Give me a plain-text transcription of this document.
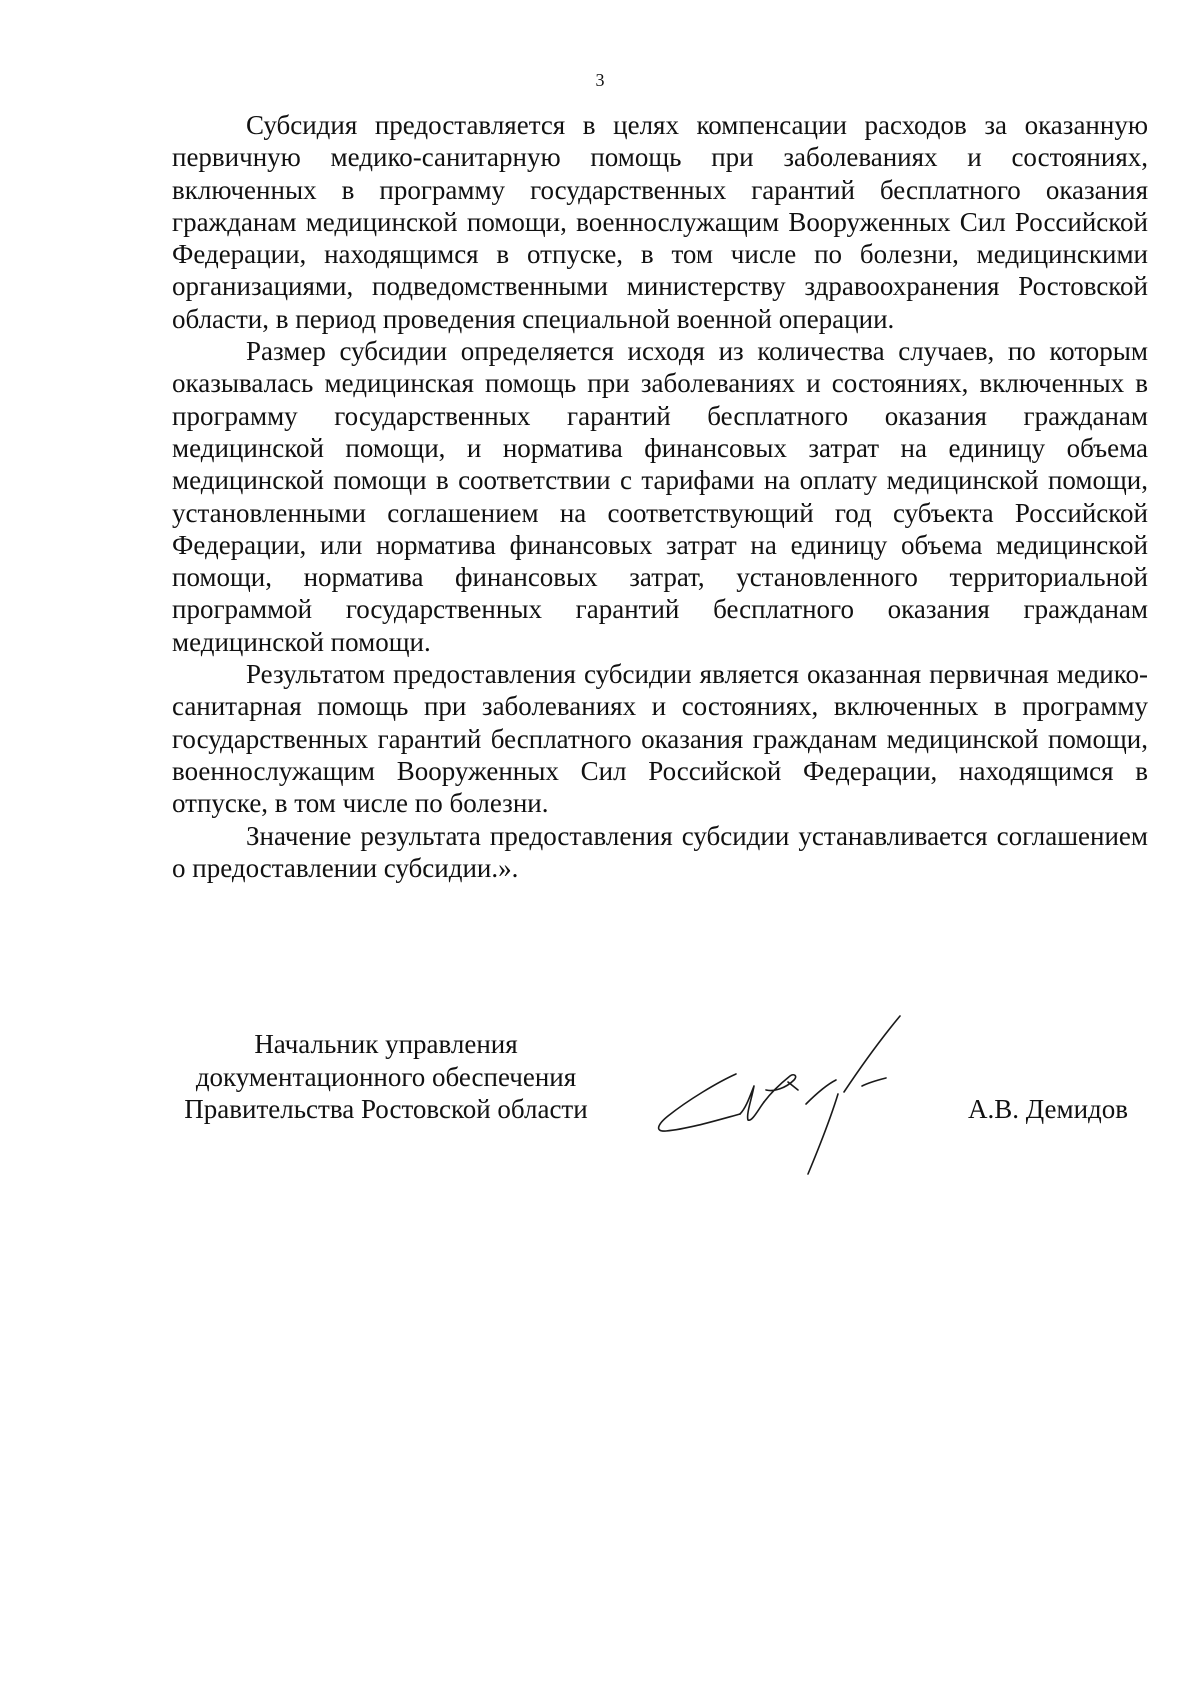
3

Субсидия предоставляется в целях компенсации расходов за оказанную первичную медико-санитарную помощь при заболеваниях и состояниях, включенных в программу государственных гарантий бесплатного оказания гражданам медицинской помощи, военнослужащим Вооруженных Сил Российской Федерации, находящимся в отпуске, в том числе по болезни, медицинскими организациями, подведомственными министерству здравоохранения Ростовской области, в период проведения специальной военной операции.

Размер субсидии определяется исходя из количества случаев, по которым оказывалась медицинская помощь при заболеваниях и состояниях, включенных в программу государственных гарантий бесплатного оказания гражданам медицинской помощи, и норматива финансовых затрат на единицу объема медицинской помощи в соответствии с тарифами на оплату медицинской помощи, установленными соглашением на соответствующий год субъекта Российской Федерации, или норматива финансовых затрат на единицу объема медицинской помощи, норматива финансовых затрат, установленного территориальной программой государственных гарантий бесплатного оказания гражданам медицинской помощи.

Результатом предоставления субсидии является оказанная первичная медико-санитарная помощь при заболеваниях и состояниях, включенных в программу государственных гарантий бесплатного оказания гражданам медицинской помощи, военнослужащим Вооруженных Сил Российской Федерации, находящимся в отпуске, в том числе по болезни.

Значение результата предоставления субсидии устанавливается соглашением о предоставлении субсидии.».

Начальник управления
документационного обеспечения
Правительства Ростовской области	А.В. Демидов
